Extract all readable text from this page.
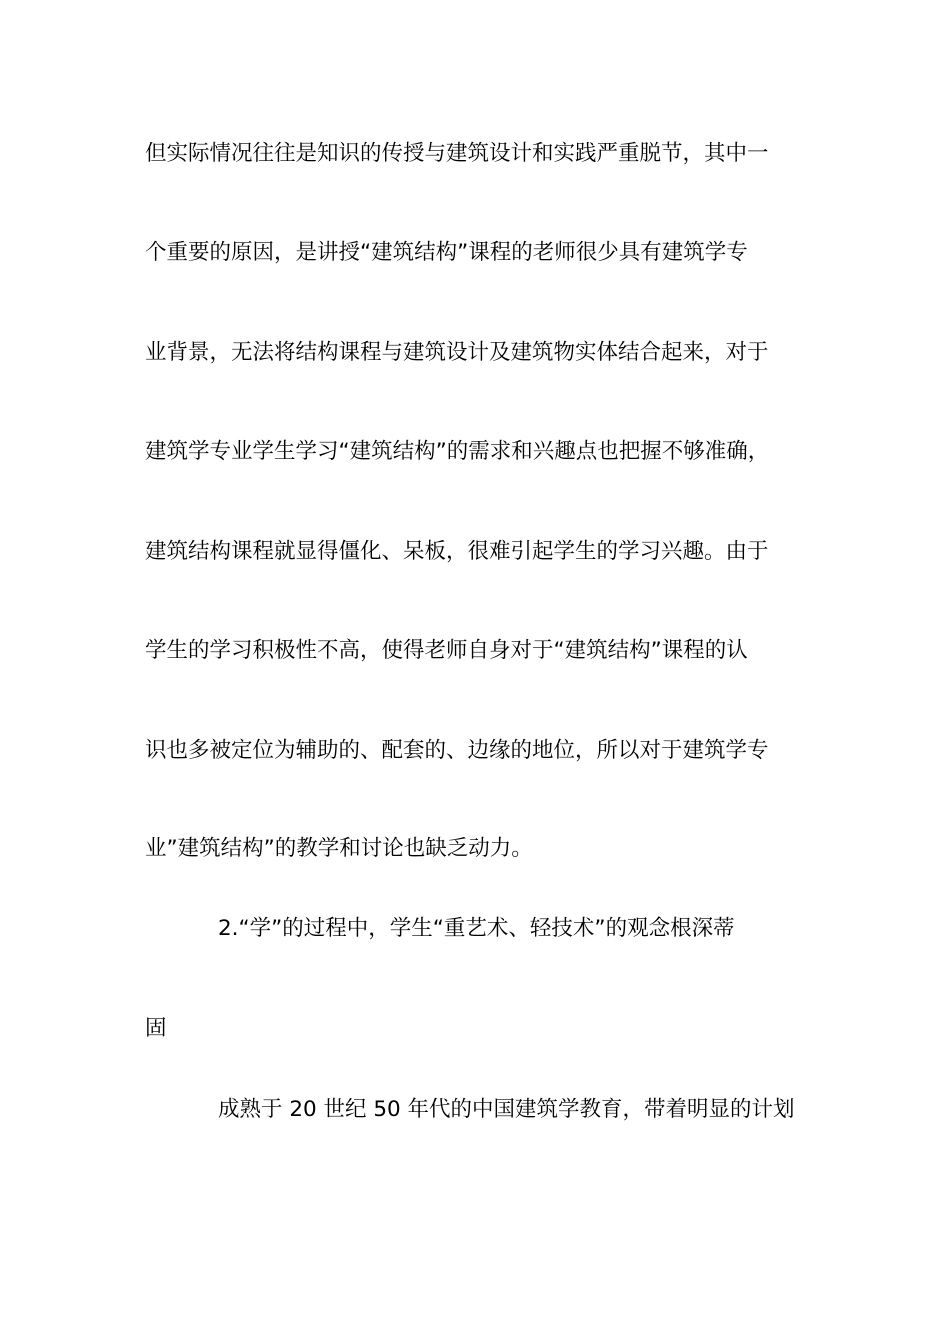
但实际情况往往是知识的传授与建筑设计和实践严重脱节，其中一
个重要的原因，是讲授“建筑结构”课程的老师很少具有建筑学专
业背景，无法将结构课程与建筑设计及建筑物实体结合起来，对于
建筑学专业学生学习“建筑结构”的需求和兴趣点也把握不够准确，
建筑结构课程就显得僵化、呆板，很难引起学生的学习兴趣。由于
学生的学习积极性不高，使得老师自身对于“建筑结构”课程的认
识也多被定位为辅助的、配套的、边缘的地位，所以对于建筑学专
业”建筑结构”的教学和讨论也缺乏动力。
2.“学”的过程中，学生“重艺术、轻技术”的观念根深蒂
固
成熟于 20 世纪 50 年代的中国建筑学教育，带着明显的计划
